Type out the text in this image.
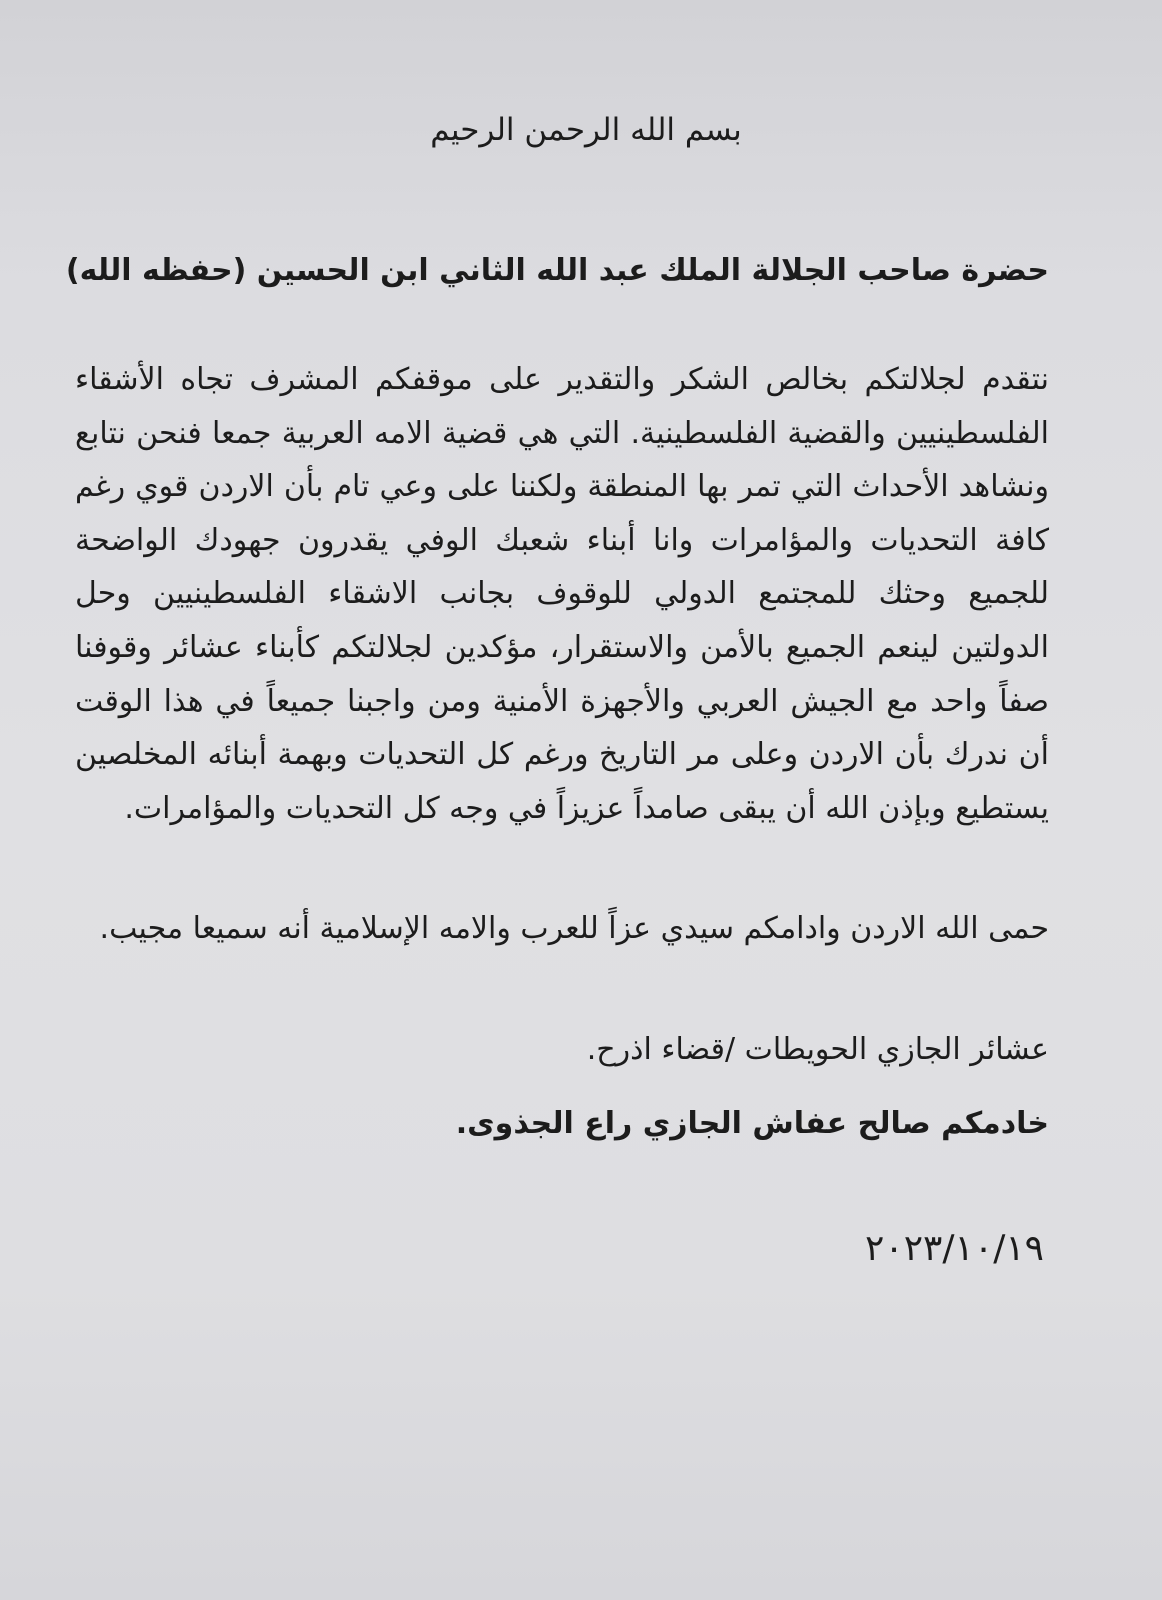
بسم الله الرحمن الرحيم
حضرة صاحب الجلالة الملك عبد الله الثاني ابن الحسين (حفظه الله)
نتقدم لجلالتكم بخالص الشكر والتقدير على موقفكم المشرف تجاه الأشقاء الفلسطينيين والقضية الفلسطينية. التي هي قضية الامه العربية جمعا فنحن نتابع ونشاهد الأحداث التي تمر بها المنطقة ولكننا على وعي تام بأن الاردن قوي رغم كافة التحديات والمؤامرات وانا أبناء شعبك الوفي يقدرون جهودك الواضحة للجميع وحثك للمجتمع الدولي للوقوف بجانب الاشقاء الفلسطينيين وحل الدولتين لينعم الجميع بالأمن والاستقرار، مؤكدين لجلالتكم كأبناء عشائر وقوفنا صفاً واحد مع الجيش العربي والأجهزة الأمنية ومن واجبنا جميعاً في هذا الوقت أن ندرك بأن الاردن وعلى مر التاريخ ورغم كل التحديات وبهمة أبنائه المخلصين يستطيع وبإذن الله أن يبقى صامداً عزيزاً في وجه كل التحديات والمؤامرات.
حمى الله الاردن وادامكم سيدي عزاً للعرب والامه الإسلامية أنه سميعا مجيب.
عشائر الجازي الحويطات /قضاء اذرح.
خادمكم صالح عفاش الجازي راع الجذوى.
٢٠٢٣/١٠/١٩
